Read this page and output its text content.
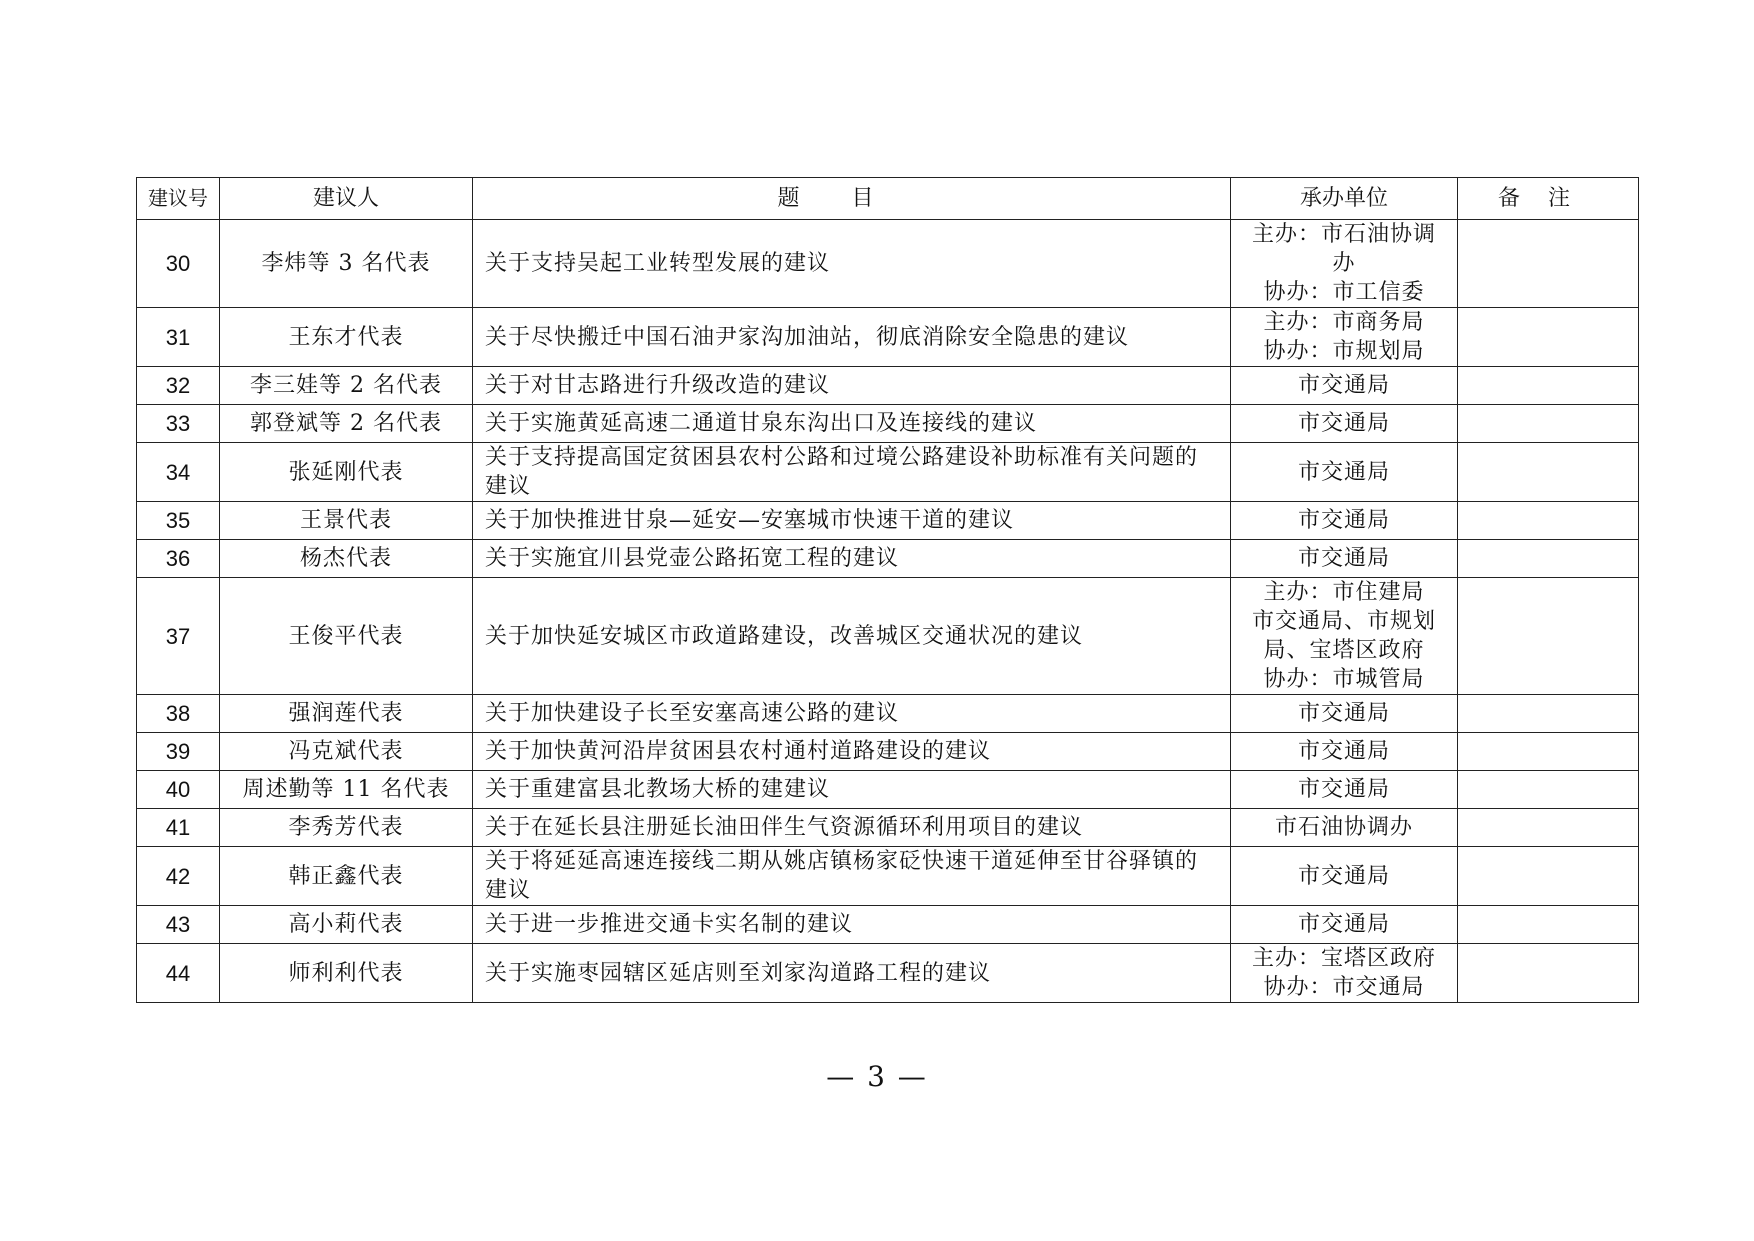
建议号	建议人	题目	承办单位	备注
30	李炜等 3 名代表	关于支持吴起工业转型发展的建议	主办：市石油协调办
协办：市工信委	

31	王东才代表	关于尽快搬迁中国石油尹家沟加油站，彻底消除安全隐患的建议	主办：市商务局
协办：市规划局	

32	李三娃等 2 名代表	关于对甘志路进行升级改造的建议	市交通局	

33	郭登斌等 2 名代表	关于实施黄延高速二通道甘泉东沟出口及连接线的建议	市交通局	

34	张延刚代表	关于支持提高国定贫困县农村公路和过境公路建设补助标准有关问题的建议	市交通局	

35	王景代表	关于加快推进甘泉—延安—安塞城市快速干道的建议	市交通局	

36	杨杰代表	关于实施宜川县党壶公路拓宽工程的建议	市交通局	

37	王俊平代表	关于加快延安城区市政道路建设，改善城区交通状况的建议	主办：市住建局
市交通局、市规划
局、宝塔区政府
协办：市城管局	

38	强润莲代表	关于加快建设子长至安塞高速公路的建议	市交通局	

39	冯克斌代表	关于加快黄河沿岸贫困县农村通村道路建设的建议	市交通局	

40	周述勤等 11 名代表	关于重建富县北教场大桥的建建议	市交通局	

41	李秀芳代表	关于在延长县注册延长油田伴生气资源循环利用项目的建议	市石油协调办	

42	韩正鑫代表	关于将延延高速连接线二期从姚店镇杨家砭快速干道延伸至甘谷驿镇的建议	市交通局	

43	高小莉代表	关于进一步推进交通卡实名制的建议	市交通局	

44	师利利代表	关于实施枣园辖区延店则至刘家沟道路工程的建议	主办：宝塔区政府
协办：市交通局	

— 3 —
